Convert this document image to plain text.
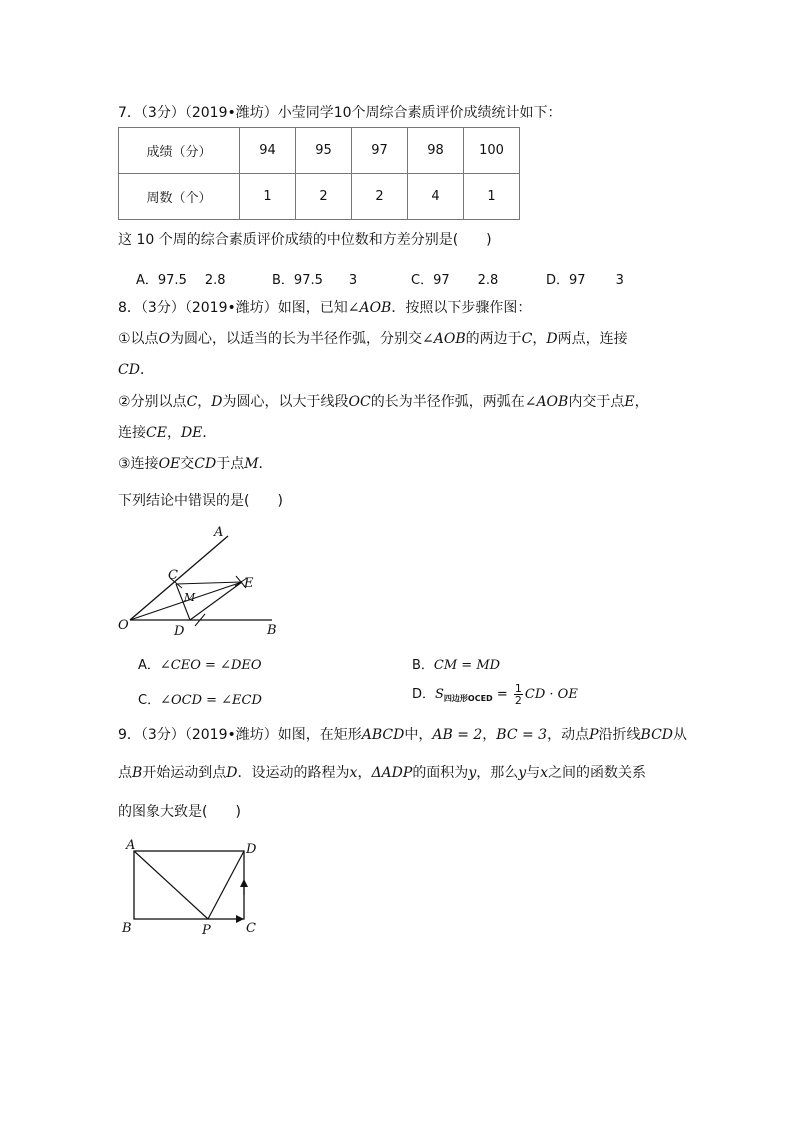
7．（3分）（2019•潍坊）小莹同学10个周综合素质评价成绩统计如下：
成绩（分）	94	95	97	98	100
周数（个）	1	2	2	4	1
这 10 个周的综合素质评价成绩的中位数和方差分别是(　　)
A．97.5 2.8	B．97.5 3	C．97 2.8	D．97 3
8．（3分）（2019•潍坊）如图，已知∠AOB．按照以下步骤作图：
①以点O为圆心，以适当的长为半径作弧，分别交∠AOB的两边于C，D两点，连接
CD．
②分别以点C，D为圆心，以大于线段OC的长为半径作弧，两弧在∠AOB内交于点E，
连接CE，DE．
③连接OE交CD于点M．
下列结论中错误的是(　　)
A
B
C
D
E
M
O
A．∠CEO = ∠DEO	B．CM = MD
C．∠OCD = ∠ECD	D．$S_{四边形OCED} = \frac{1}{2}$ CD · OE
9．（3分）（2019•潍坊）如图，在矩形ABCD中，AB = 2，BC = 3，动点P沿折线BCD从
点B开始运动到点D．设运动的路程为x，ΔADP的面积为y，那么y与x之间的函数关系
的图象大致是(　　)
A
B	C
D
P
